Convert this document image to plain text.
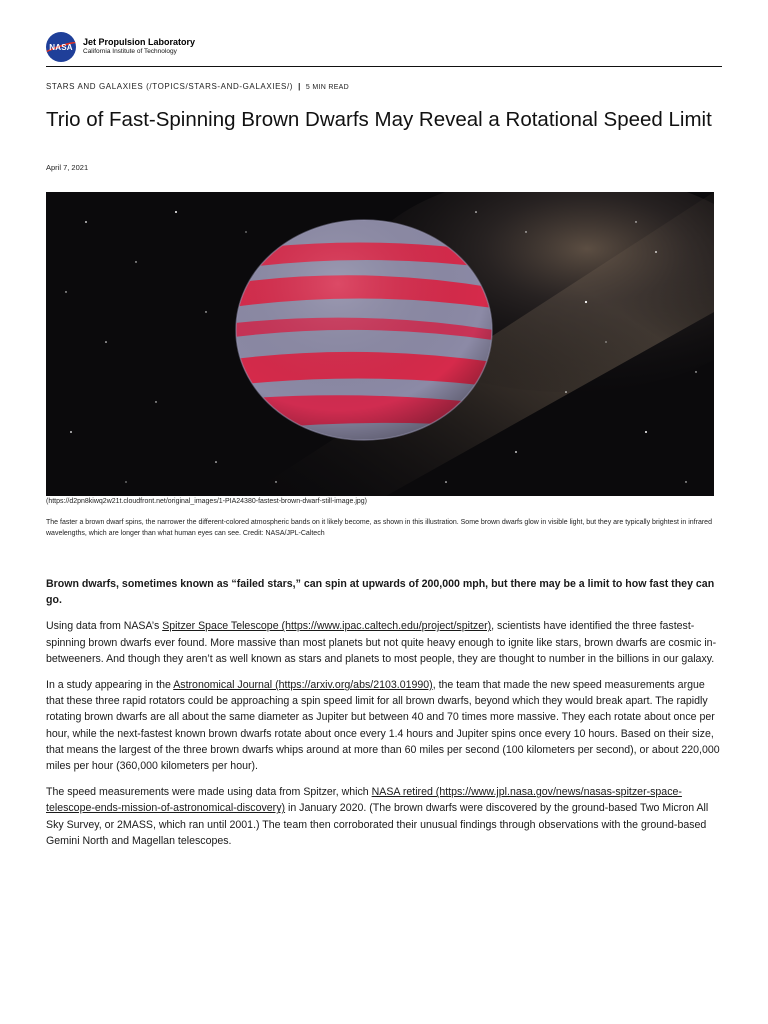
NASA Jet Propulsion Laboratory
California Institute of Technology
STARS AND GALAXIES (/TOPICS/STARS-AND-GALAXIES/) | 5 MIN READ
Trio of Fast-Spinning Brown Dwarfs May Reveal a Rotational Speed Limit
April 7, 2021
(https://d2pn8kiwq2w21t.cloudfront.net/original_images/1-PIA24380-fastest-brown-dwarf-still-image.jpg)

The faster a brown dwarf spins, the narrower the different-colored atmospheric bands on it likely become, as shown in this illustration. Some brown dwarfs glow in visible light, but they are typically brightest in infrared wavelengths, which are longer than what human eyes can see. Credit: NASA/JPL-Caltech

Brown dwarfs, sometimes known as “failed stars,” can spin at upwards of 200,000 mph, but there may be a limit to how fast they can go.

Using data from NASA’s Spitzer Space Telescope (https://www.ipac.caltech.edu/project/spitzer), scientists have identified the three fastest-spinning brown dwarfs ever found. More massive than most planets but not quite heavy enough to ignite like stars, brown dwarfs are cosmic in-betweeners. And though they aren’t as well known as stars and planets to most people, they are thought to number in the billions in our galaxy.

In a study appearing in the Astronomical Journal (https://arxiv.org/abs/2103.01990), the team that made the new speed measurements argue that these three rapid rotators could be approaching a spin speed limit for all brown dwarfs, beyond which they would break apart. The rapidly rotating brown dwarfs are all about the same diameter as Jupiter but between 40 and 70 times more massive. They each rotate about once per hour, while the next-fastest known brown dwarfs rotate about once every 1.4 hours and Jupiter spins once every 10 hours. Based on their size, that means the largest of the three brown dwarfs whips around at more than 60 miles per second (100 kilometers per second), or about 220,000 miles per hour (360,000 kilometers per hour).

The speed measurements were made using data from Spitzer, which NASA retired (https://www.jpl.nasa.gov/news/nasas-spitzer-space-telescope-ends-mission-of-astronomical-discovery) in January 2020. (The brown dwarfs were discovered by the ground-based Two Micron All Sky Survey, or 2MASS, which ran until 2001.) The team then corroborated their unusual findings through observations with the ground-based Gemini North and Magellan telescopes.
